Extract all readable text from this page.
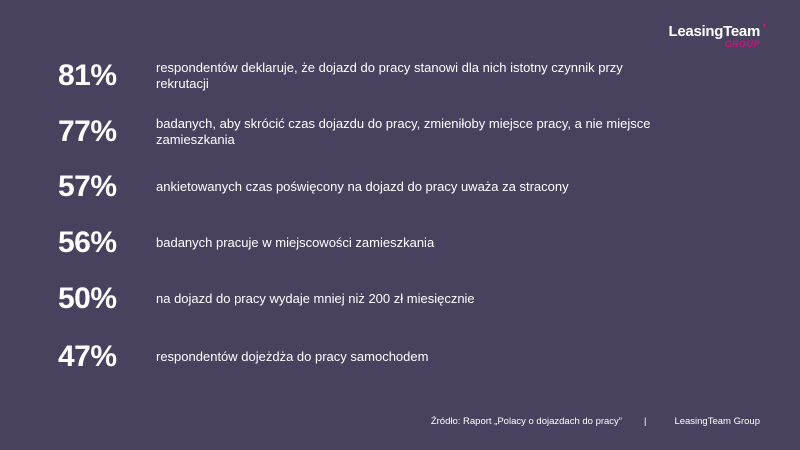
LeasingTeam
GROUP
81%	respondentów deklaruje, że dojazd do pracy stanowi dla nich istotny czynnik przy rekrutacji
77%	badanych, aby skrócić czas dojazdu do pracy, zmieniłoby miejsce pracy, a nie miejsce zamieszkania
57%	ankietowanych czas poświęcony na dojazd do pracy uważa za stracony
56%	badanych pracuje w miejscowości zamieszkania
50%	na dojazd do pracy wydaje mniej niż 200 zł miesięcznie
47%	respondentów dojeżdża do pracy samochodem
Źródło: Raport „Polacy o dojazdach do pracy” |	LeasingTeam Group
